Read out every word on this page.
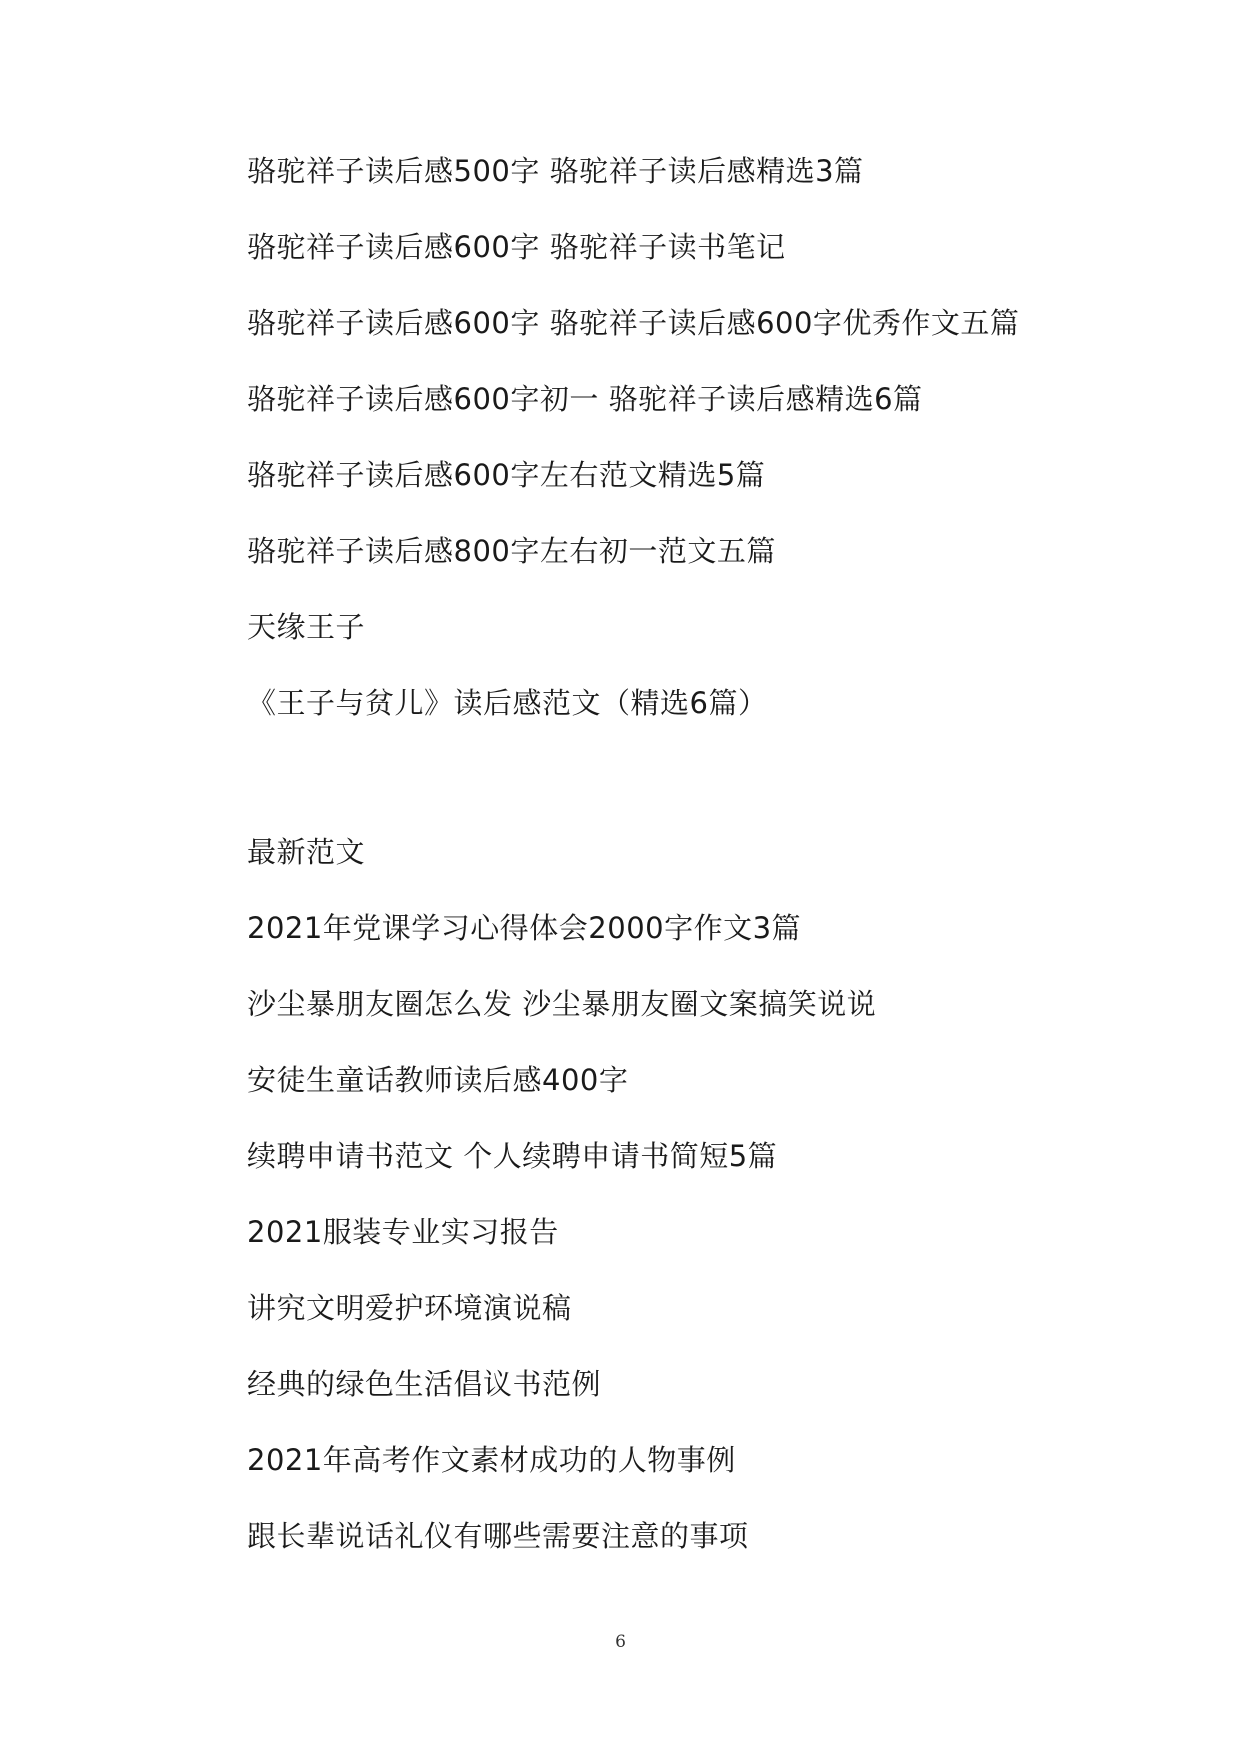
骆驼祥子读后感500字 骆驼祥子读后感精选3篇
骆驼祥子读后感600字 骆驼祥子读书笔记
骆驼祥子读后感600字 骆驼祥子读后感600字优秀作文五篇
骆驼祥子读后感600字初一 骆驼祥子读后感精选6篇
骆驼祥子读后感600字左右范文精选5篇
骆驼祥子读后感800字左右初一范文五篇
天缘王子
《王子与贫儿》读后感范文（精选6篇）
最新范文
2021年党课学习心得体会2000字作文3篇
沙尘暴朋友圈怎么发 沙尘暴朋友圈文案搞笑说说
安徒生童话教师读后感400字
续聘申请书范文 个人续聘申请书简短5篇
2021服装专业实习报告
讲究文明爱护环境演说稿
经典的绿色生活倡议书范例
2021年高考作文素材成功的人物事例
跟长辈说话礼仪有哪些需要注意的事项
6
